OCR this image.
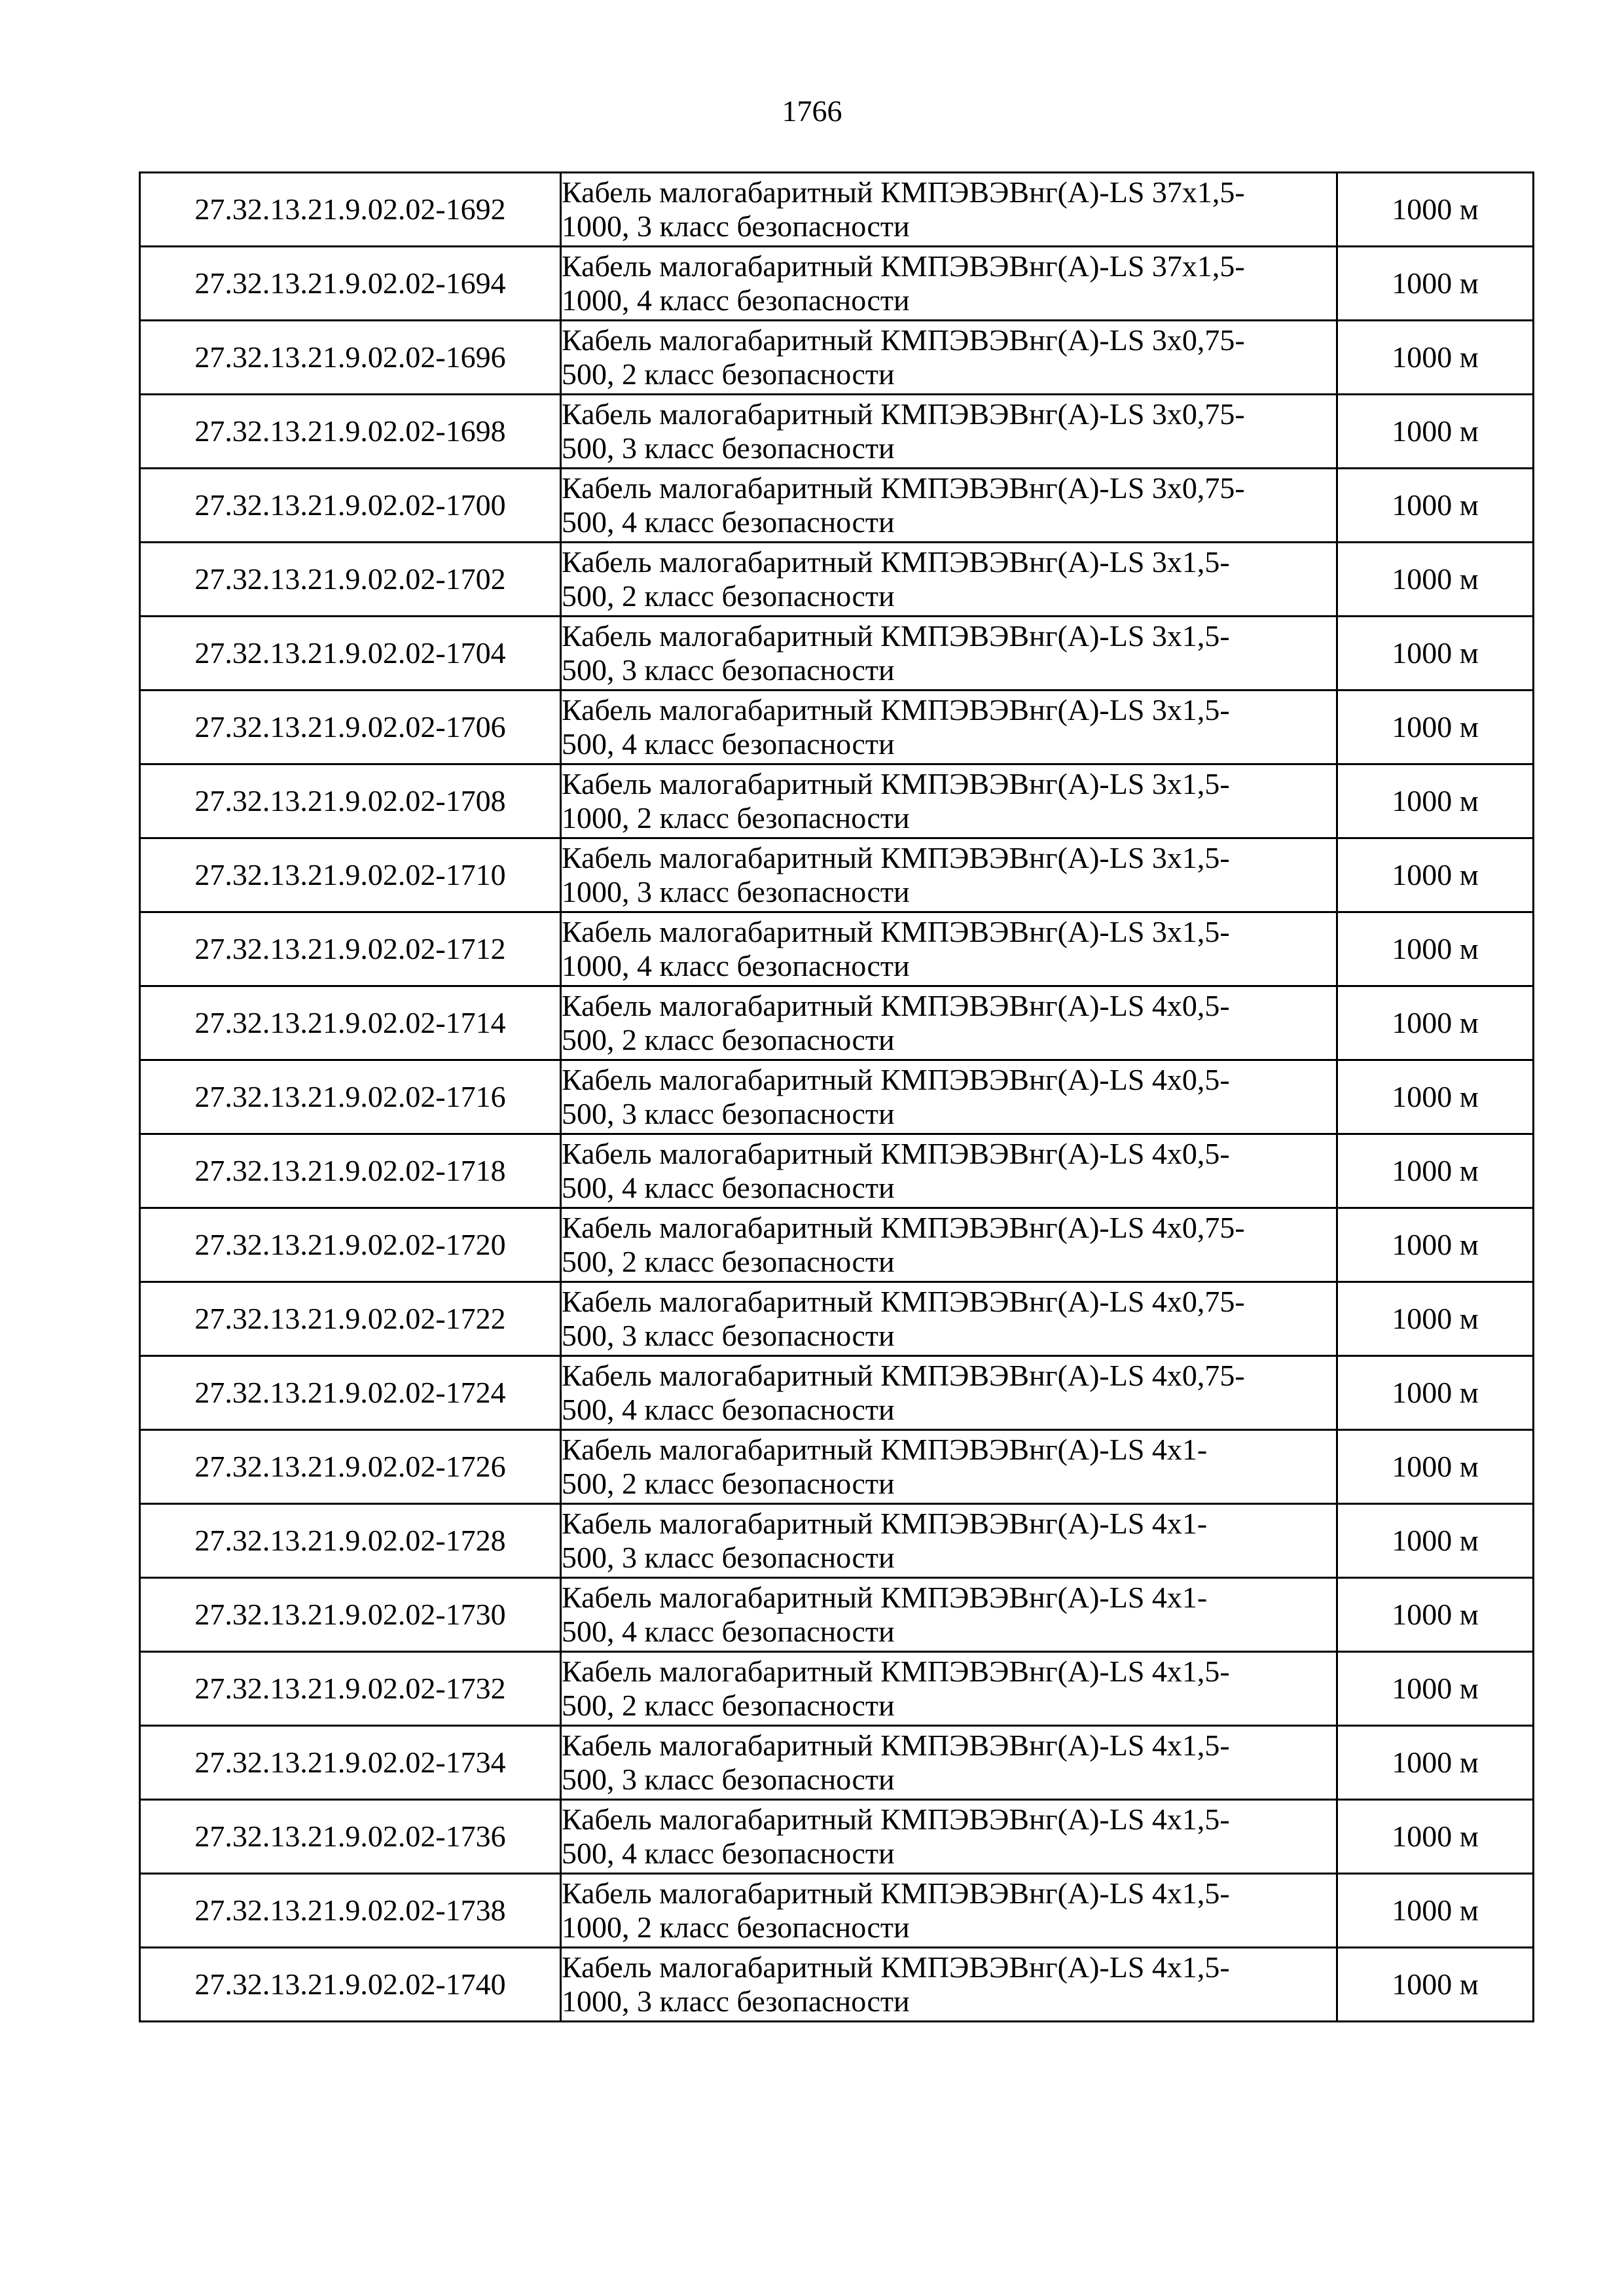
1766
27.32.13.21.9.02.02-1692	Кабель малогабаритный КМПЭВЭВнг(А)-LS 37х1,5-
1000, 3 класс безопасности	1000 м
27.32.13.21.9.02.02-1694	Кабель малогабаритный КМПЭВЭВнг(А)-LS 37х1,5-
1000, 4 класс безопасности	1000 м
27.32.13.21.9.02.02-1696	Кабель малогабаритный КМПЭВЭВнг(А)-LS 3х0,75-
500, 2 класс безопасности	1000 м
27.32.13.21.9.02.02-1698	Кабель малогабаритный КМПЭВЭВнг(А)-LS 3х0,75-
500, 3 класс безопасности	1000 м
27.32.13.21.9.02.02-1700	Кабель малогабаритный КМПЭВЭВнг(А)-LS 3х0,75-
500, 4 класс безопасности	1000 м
27.32.13.21.9.02.02-1702	Кабель малогабаритный КМПЭВЭВнг(А)-LS 3х1,5-
500, 2 класс безопасности	1000 м
27.32.13.21.9.02.02-1704	Кабель малогабаритный КМПЭВЭВнг(А)-LS 3х1,5-
500, 3 класс безопасности	1000 м
27.32.13.21.9.02.02-1706	Кабель малогабаритный КМПЭВЭВнг(А)-LS 3х1,5-
500, 4 класс безопасности	1000 м
27.32.13.21.9.02.02-1708	Кабель малогабаритный КМПЭВЭВнг(А)-LS 3х1,5-
1000, 2 класс безопасности	1000 м
27.32.13.21.9.02.02-1710	Кабель малогабаритный КМПЭВЭВнг(А)-LS 3х1,5-
1000, 3 класс безопасности	1000 м
27.32.13.21.9.02.02-1712	Кабель малогабаритный КМПЭВЭВнг(А)-LS 3х1,5-
1000, 4 класс безопасности	1000 м
27.32.13.21.9.02.02-1714	Кабель малогабаритный КМПЭВЭВнг(А)-LS 4х0,5-
500, 2 класс безопасности	1000 м
27.32.13.21.9.02.02-1716	Кабель малогабаритный КМПЭВЭВнг(А)-LS 4х0,5-
500, 3 класс безопасности	1000 м
27.32.13.21.9.02.02-1718	Кабель малогабаритный КМПЭВЭВнг(А)-LS 4х0,5-
500, 4 класс безопасности	1000 м
27.32.13.21.9.02.02-1720	Кабель малогабаритный КМПЭВЭВнг(А)-LS 4х0,75-
500, 2 класс безопасности	1000 м
27.32.13.21.9.02.02-1722	Кабель малогабаритный КМПЭВЭВнг(А)-LS 4х0,75-
500, 3 класс безопасности	1000 м
27.32.13.21.9.02.02-1724	Кабель малогабаритный КМПЭВЭВнг(А)-LS 4х0,75-
500, 4 класс безопасности	1000 м
27.32.13.21.9.02.02-1726	Кабель малогабаритный КМПЭВЭВнг(А)-LS 4х1-
500, 2 класс безопасности	1000 м
27.32.13.21.9.02.02-1728	Кабель малогабаритный КМПЭВЭВнг(А)-LS 4х1-
500, 3 класс безопасности	1000 м
27.32.13.21.9.02.02-1730	Кабель малогабаритный КМПЭВЭВнг(А)-LS 4х1-
500, 4 класс безопасности	1000 м
27.32.13.21.9.02.02-1732	Кабель малогабаритный КМПЭВЭВнг(А)-LS 4х1,5-
500, 2 класс безопасности	1000 м
27.32.13.21.9.02.02-1734	Кабель малогабаритный КМПЭВЭВнг(А)-LS 4х1,5-
500, 3 класс безопасности	1000 м
27.32.13.21.9.02.02-1736	Кабель малогабаритный КМПЭВЭВнг(А)-LS 4х1,5-
500, 4 класс безопасности	1000 м
27.32.13.21.9.02.02-1738	Кабель малогабаритный КМПЭВЭВнг(А)-LS 4х1,5-
1000, 2 класс безопасности	1000 м
27.32.13.21.9.02.02-1740	Кабель малогабаритный КМПЭВЭВнг(А)-LS 4х1,5-
1000, 3 класс безопасности	1000 м
